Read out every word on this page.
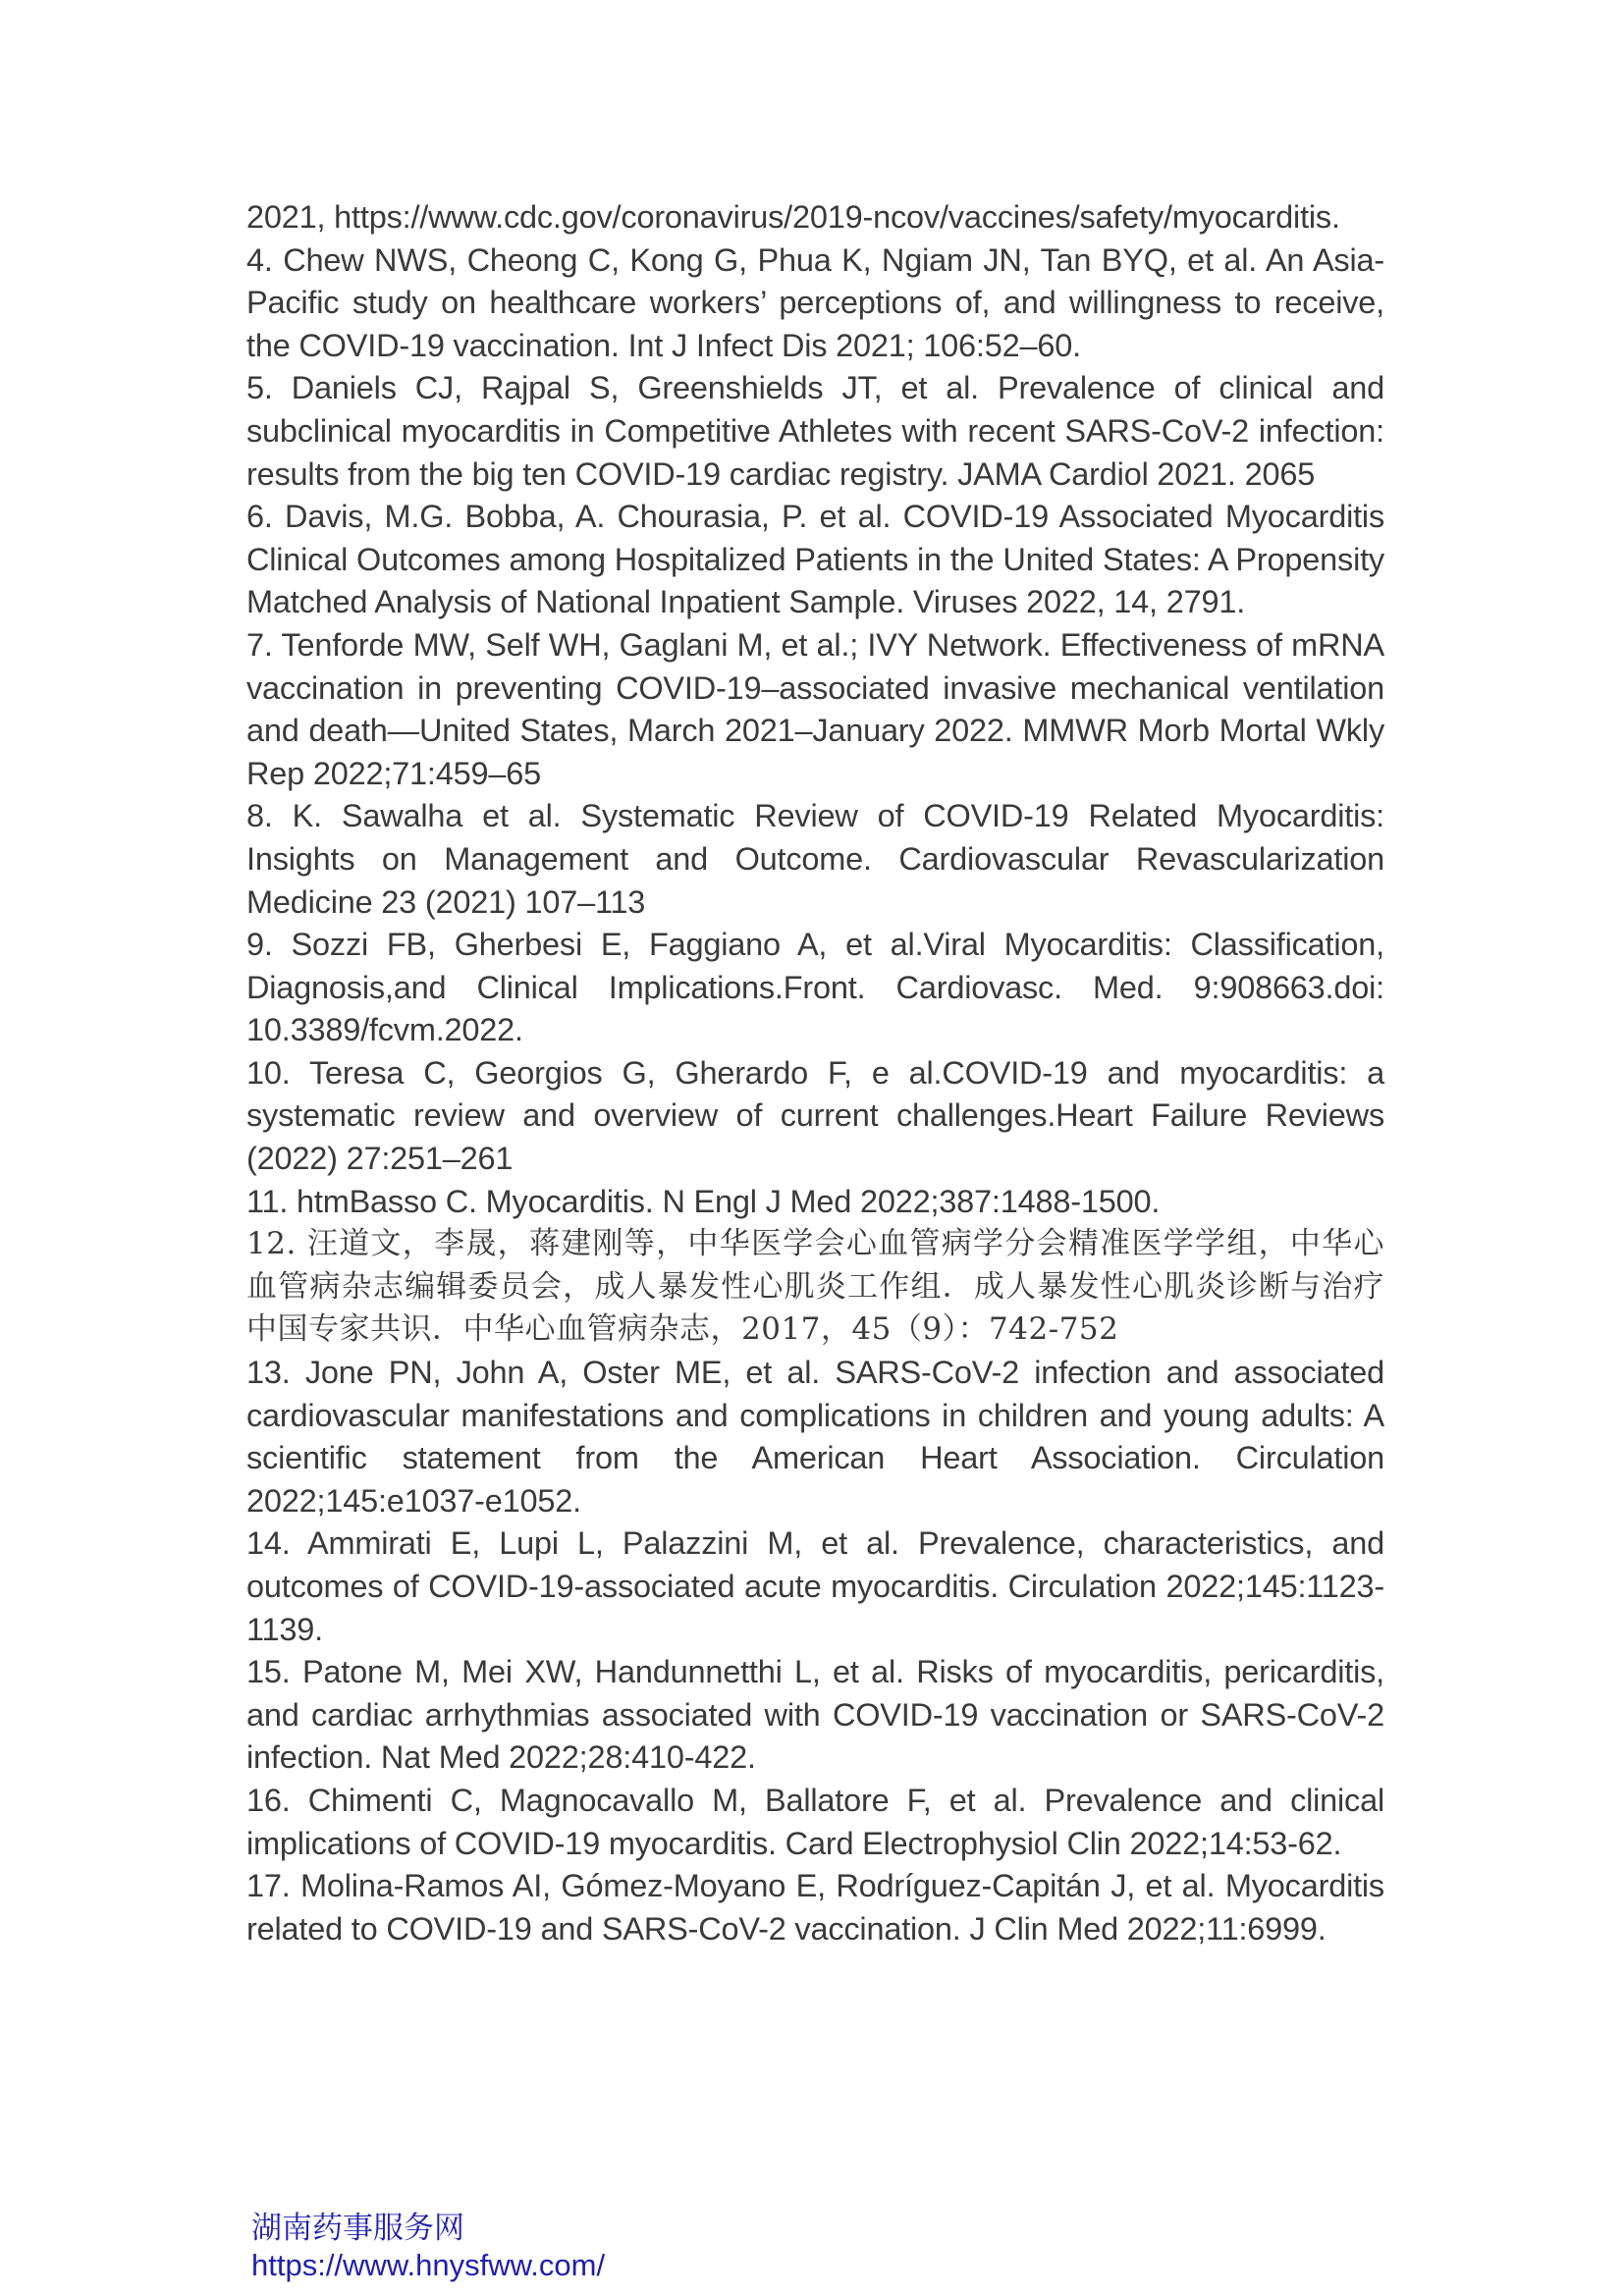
2021, https://www.cdc.gov/coronavirus/2019-ncov/vaccines/safety/myocarditis.
4. Chew NWS, Cheong C, Kong G, Phua K, Ngiam JN, Tan BYQ, et al. An Asia-Pacific study on healthcare workers’ perceptions of, and willingness to receive, the COVID-19 vaccination. Int J Infect Dis 2021; 106:52–60.
5. Daniels CJ, Rajpal S, Greenshields JT, et al. Prevalence of clinical and subclinical myocarditis in Competitive Athletes with recent SARS-CoV-2 infection: results from the big ten COVID-19 cardiac registry. JAMA Cardiol 2021. 2065
6. Davis, M.G. Bobba, A. Chourasia, P. et al. COVID-19 Associated Myocarditis Clinical Outcomes among Hospitalized Patients in the United States: A Propensity Matched Analysis of National Inpatient Sample. Viruses 2022, 14, 2791.
7. Tenforde MW, Self WH, Gaglani M, et al.; IVY Network. Effectiveness of mRNA vaccination in preventing COVID-19–associated invasive mechanical ventilation and death—United States, March 2021–January 2022. MMWR Morb Mortal Wkly Rep 2022;71:459–65
8. K. Sawalha et al. Systematic Review of COVID-19 Related Myocarditis: Insights on Management and Outcome. Cardiovascular Revascularization Medicine 23 (2021) 107–113
9. Sozzi FB, Gherbesi E, Faggiano A, et al.Viral Myocarditis: Classification, Diagnosis,and Clinical Implications.Front. Cardiovasc. Med. 9:908663.doi: 10.3389/fcvm.2022.
10. Teresa C, Georgios G, Gherardo F, e al.COVID-19 and myocarditis: a systematic review and overview of current challenges.Heart Failure Reviews (2022) 27:251–261
11. htmBasso C. Myocarditis. N Engl J Med 2022;387:1488-1500.
12. 汪道文，李晟，蒋建刚等，中华医学会心血管病学分会精准医学学组，中华心血管病杂志编辑委员会，成人暴发性心肌炎工作组．成人暴发性心肌炎诊断与治疗中国专家共识．中华心血管病杂志，2017，45（9）：742-752
13. Jone PN, John A, Oster ME, et al. SARS-CoV-2 infection and associated cardiovascular manifestations and complications in children and young adults: A scientific statement from the American Heart Association. Circulation 2022;145:e1037-e1052.
14. Ammirati E, Lupi L, Palazzini M, et al. Prevalence, characteristics, and outcomes of COVID-19-associated acute myocarditis. Circulation 2022;145:1123-1139.
15. Patone M, Mei XW, Handunnetthi L, et al. Risks of myocarditis, pericarditis, and cardiac arrhythmias associated with COVID-19 vaccination or SARS-CoV-2 infection. Nat Med 2022;28:410-422.
16. Chimenti C, Magnocavallo M, Ballatore F, et al. Prevalence and clinical implications of COVID-19 myocarditis. Card Electrophysiol Clin 2022;14:53-62.
17. Molina-Ramos AI, Gómez-Moyano E, Rodríguez-Capitán J, et al. Myocarditis related to COVID-19 and SARS-CoV-2 vaccination. J Clin Med 2022;11:6999.
湖南药事服务网
https://www.hnysfww.com/
